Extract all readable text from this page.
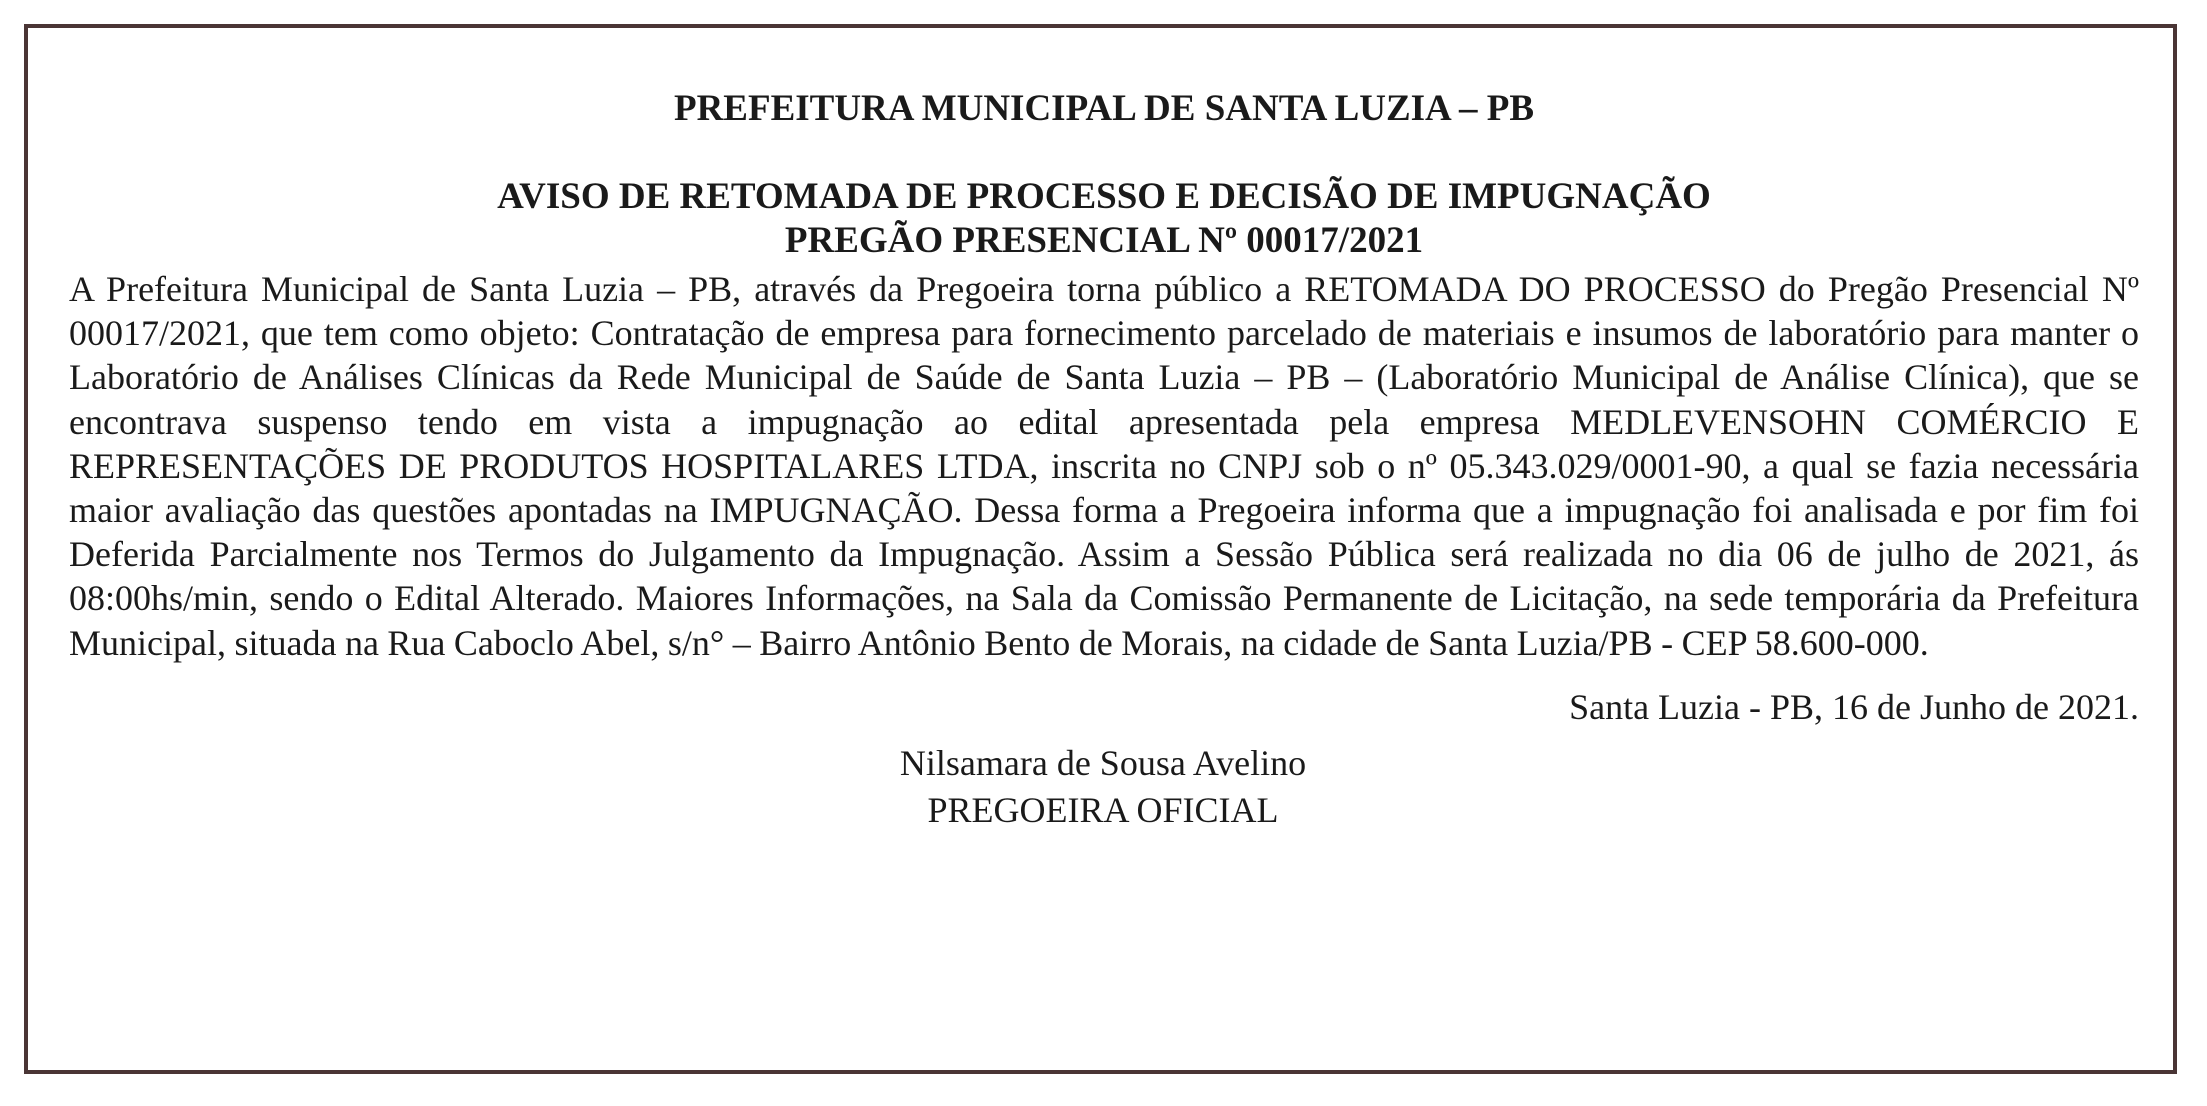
PREFEITURA MUNICIPAL DE SANTA LUZIA – PB

AVISO DE RETOMADA DE PROCESSO E DECISÃO DE IMPUGNAÇÃO

PREGÃO PRESENCIAL Nº 00017/2021

A Prefeitura Municipal de Santa Luzia – PB, através da Pregoeira torna público a RETOMADA DO PROCESSO do Pregão Presencial Nº 00017/2021, que tem como objeto: Contratação de empresa para fornecimento parcelado de materiais e insumos de laboratório para manter o Laboratório de Análises Clínicas da Rede Municipal de Saúde de Santa Luzia – PB – (Laboratório Municipal de Análise Clínica), que se encontrava suspenso tendo em vista a impugnação ao edital apresentada pela empresa MEDLEVENSOHN COMÉRCIO E REPRESENTAÇÕES DE PRODUTOS HOSPITALARES LTDA, inscrita no CNPJ sob o nº 05.343.029/0001-90, a qual se fazia necessária maior avaliação das questões apontadas na IMPUGNAÇÃO. Dessa forma a Pregoeira informa que a impugnação foi analisada e por fim foi Deferida Parcialmente nos Termos do Julgamento da Impugnação. Assim a Sessão Pública será realizada no dia 06 de julho de 2021, ás 08:00hs/min, sendo o Edital Alterado. Maiores Informações, na Sala da Comissão Permanente de Licitação, na sede temporária da Prefeitura Municipal, situada na Rua Caboclo Abel, s/n° – Bairro Antônio Bento de Morais, na cidade de Santa Luzia/PB - CEP 58.600-000.

Santa Luzia - PB, 16 de Junho de 2021.

Nilsamara de Sousa Avelino
PREGOEIRA OFICIAL
